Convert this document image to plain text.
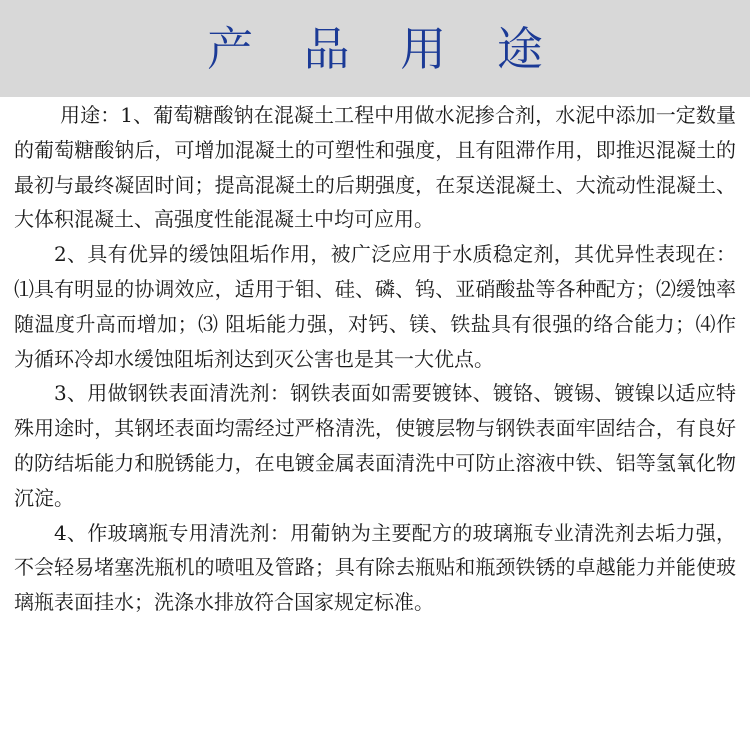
产 品 用 途

用途：1、葡萄糖酸钠在混凝土工程中用做水泥掺合剂，水泥中添加一定数量的葡萄糖酸钠后，可增加混凝土的可塑性和强度，且有阻滞作用，即推迟混凝土的最初与最终凝固时间；提高混凝土的后期强度，在泵送混凝土、大流动性混凝土、大体积混凝土、高强度性能混凝土中均可应用。

2、具有优异的缓蚀阻垢作用，被广泛应用于水质稳定剂，其优异性表现在：⑴具有明显的协调效应，适用于钼、硅、磷、钨、亚硝酸盐等各种配方；⑵缓蚀率随温度升高而增加；⑶ 阻垢能力强，对钙、镁、铁盐具有很强的络合能力；⑷作为循环冷却水缓蚀阻垢剂达到灭公害也是其一大优点。

3、用做钢铁表面清洗剂：钢铁表面如需要镀钵、镀铬、镀锡、镀镍以适应特殊用途时，其钢坯表面均需经过严格清洗，使镀层物与钢铁表面牢固结合，有良好的防结垢能力和脱锈能力，在电镀金属表面清洗中可防止溶液中铁、铝等氢氧化物沉淀。

4、作玻璃瓶专用清洗剂：用葡钠为主要配方的玻璃瓶专业清洗剂去垢力强，不会轻易堵塞洗瓶机的喷咀及管路；具有除去瓶贴和瓶颈铁锈的卓越能力并能使玻璃瓶表面挂水；洗涤水排放符合国家规定标准。
